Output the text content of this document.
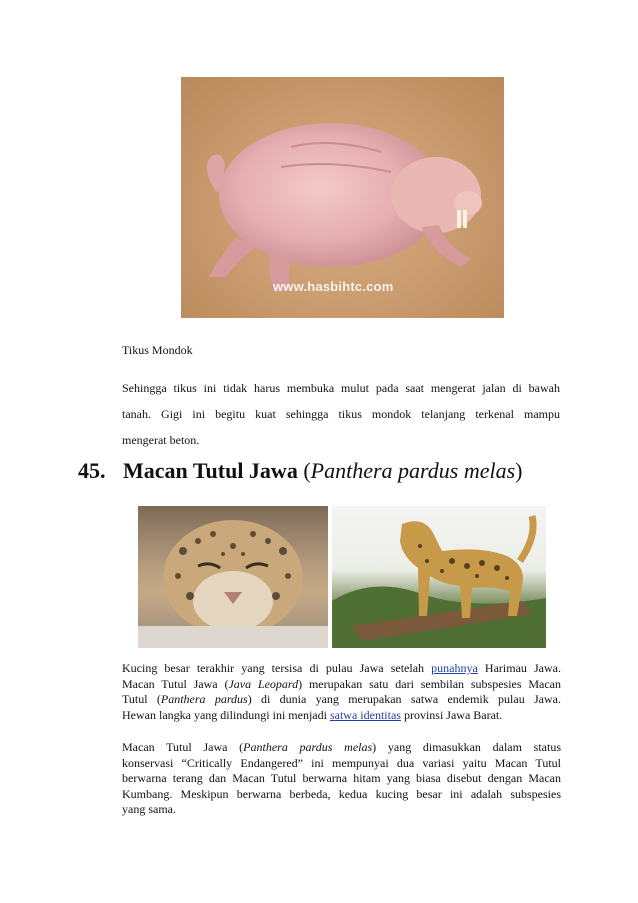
www.hasbihtc.com
Tikus Mondok
Sehingga tikus ini tidak harus membuka mulut pada saat mengerat jalan di bawah
tanah. Gigi ini begitu kuat sehingga tikus mondok telanjang terkenal mampu
mengerat beton.
45. Macan Tutul Jawa (Panthera pardus melas)
Kucing besar terakhir yang tersisa di pulau Jawa setelah punahnya Harimau Jawa.
Macan Tutul Jawa (Java Leopard) merupakan satu dari sembilan subspesies Macan
Tutul (Panthera pardus) di dunia yang merupakan satwa endemik pulau Jawa.
Hewan langka yang dilindungi ini menjadi satwa identitas provinsi Jawa Barat.
Macan Tutul Jawa (Panthera pardus melas) yang dimasukkan dalam status
konservasi “Critically Endangered” ini mempunyai dua variasi yaitu Macan Tutul
berwarna terang dan Macan Tutul berwarna hitam yang biasa disebut dengan Macan
Kumbang. Meskipun berwarna berbeda, kedua kucing besar ini adalah subspesies
yang sama.
